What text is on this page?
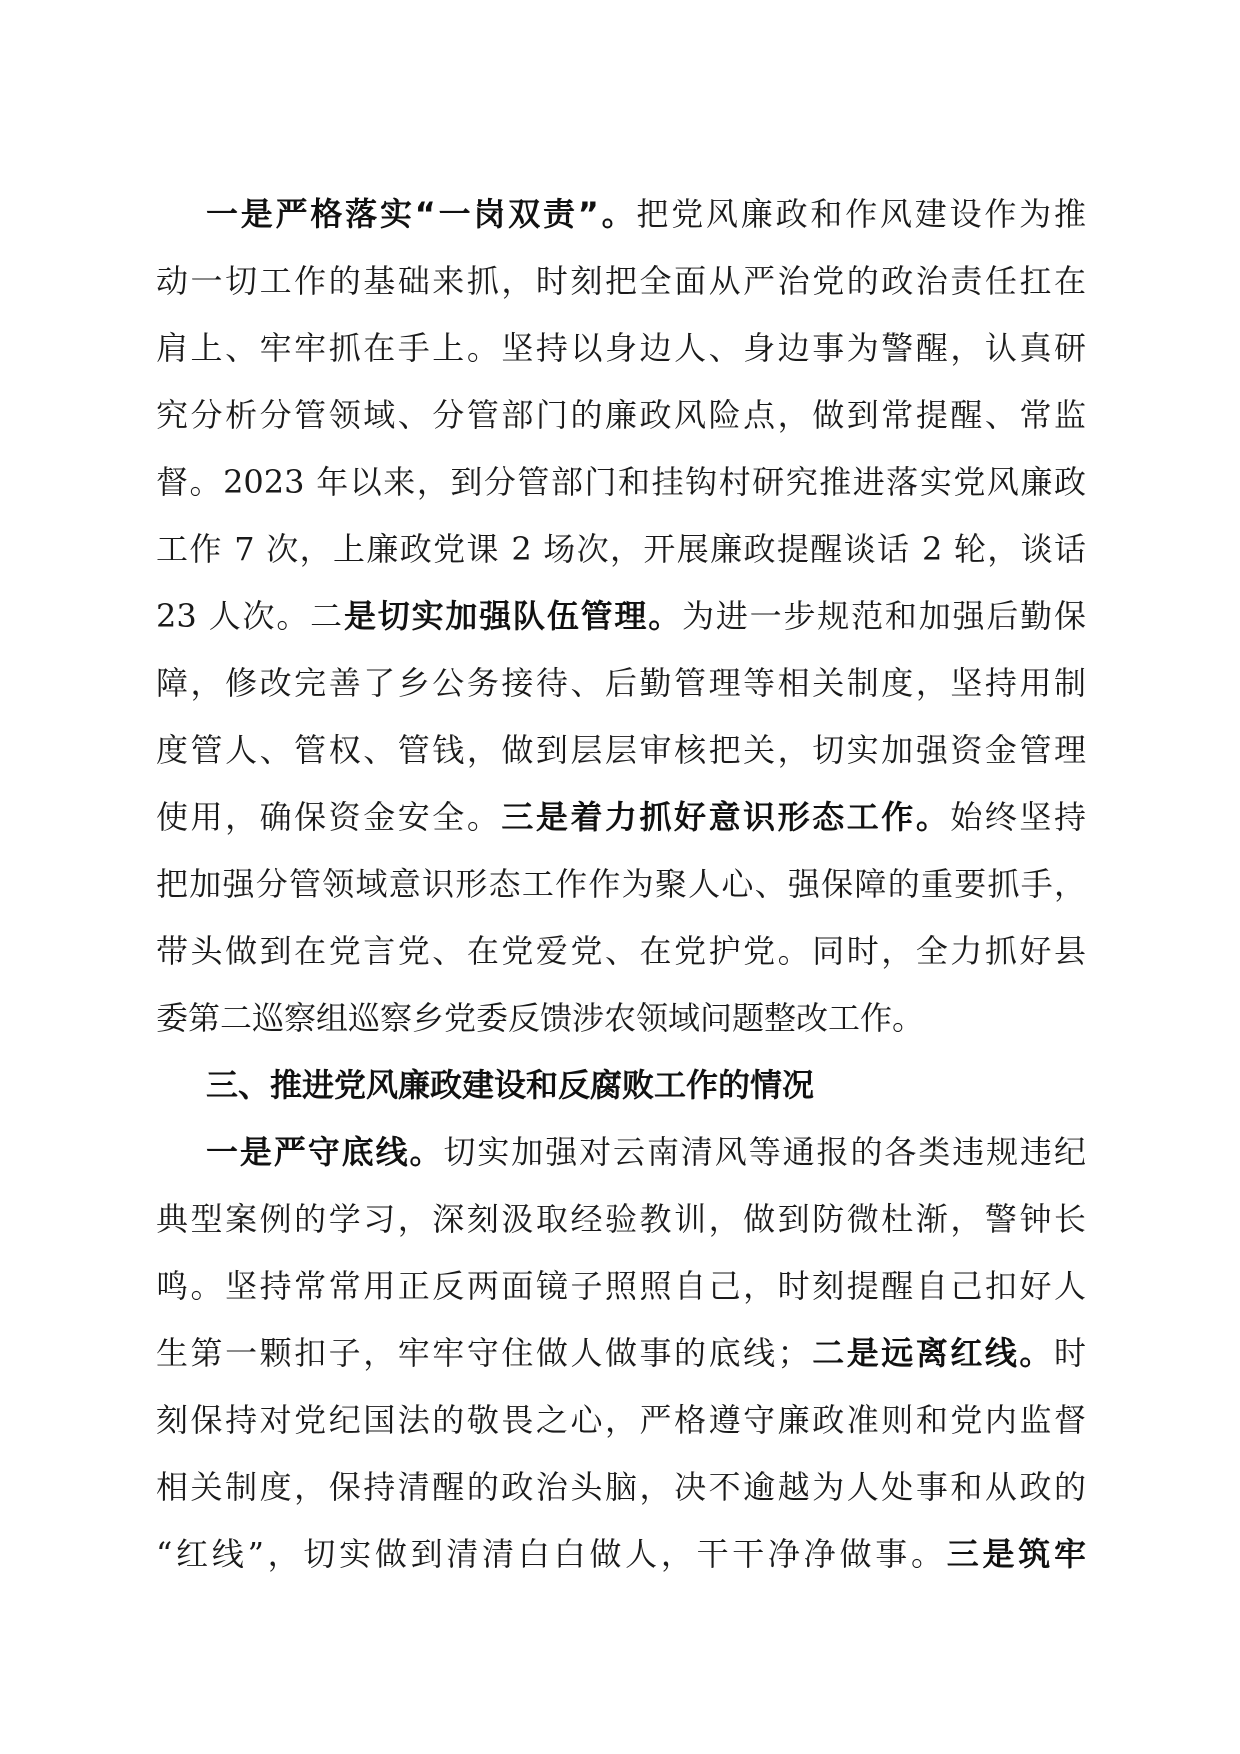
一是严格落实“一岗双责”。把党风廉政和作风建设作为推
动一切工作的基础来抓，时刻把全面从严治党的政治责任扛在
肩上、牢牢抓在手上。坚持以身边人、身边事为警醒，认真研
究分析分管领域、分管部门的廉政风险点，做到常提醒、常监
督。2023 年以来，到分管部门和挂钩村研究推进落实党风廉政
工作 7 次，上廉政党课 2 场次，开展廉政提醒谈话 2 轮，谈话
23 人次。二是切实加强队伍管理。为进一步规范和加强后勤保
障，修改完善了乡公务接待、后勤管理等相关制度，坚持用制
度管人、管权、管钱，做到层层审核把关，切实加强资金管理
使用，确保资金安全。三是着力抓好意识形态工作。始终坚持
把加强分管领域意识形态工作作为聚人心、强保障的重要抓手，
带头做到在党言党、在党爱党、在党护党。同时，全力抓好县
委第二巡察组巡察乡党委反馈涉农领域问题整改工作。
三、推进党风廉政建设和反腐败工作的情况
一是严守底线。切实加强对云南清风等通报的各类违规违纪
典型案例的学习，深刻汲取经验教训，做到防微杜渐，警钟长
鸣。坚持常常用正反两面镜子照照自己，时刻提醒自己扣好人
生第一颗扣子，牢牢守住做人做事的底线；二是远离红线。时
刻保持对党纪国法的敬畏之心，严格遵守廉政准则和党内监督
相关制度，保持清醒的政治头脑，决不逾越为人处事和从政的
“红线”，切实做到清清白白做人，干干净净做事。三是筑牢
